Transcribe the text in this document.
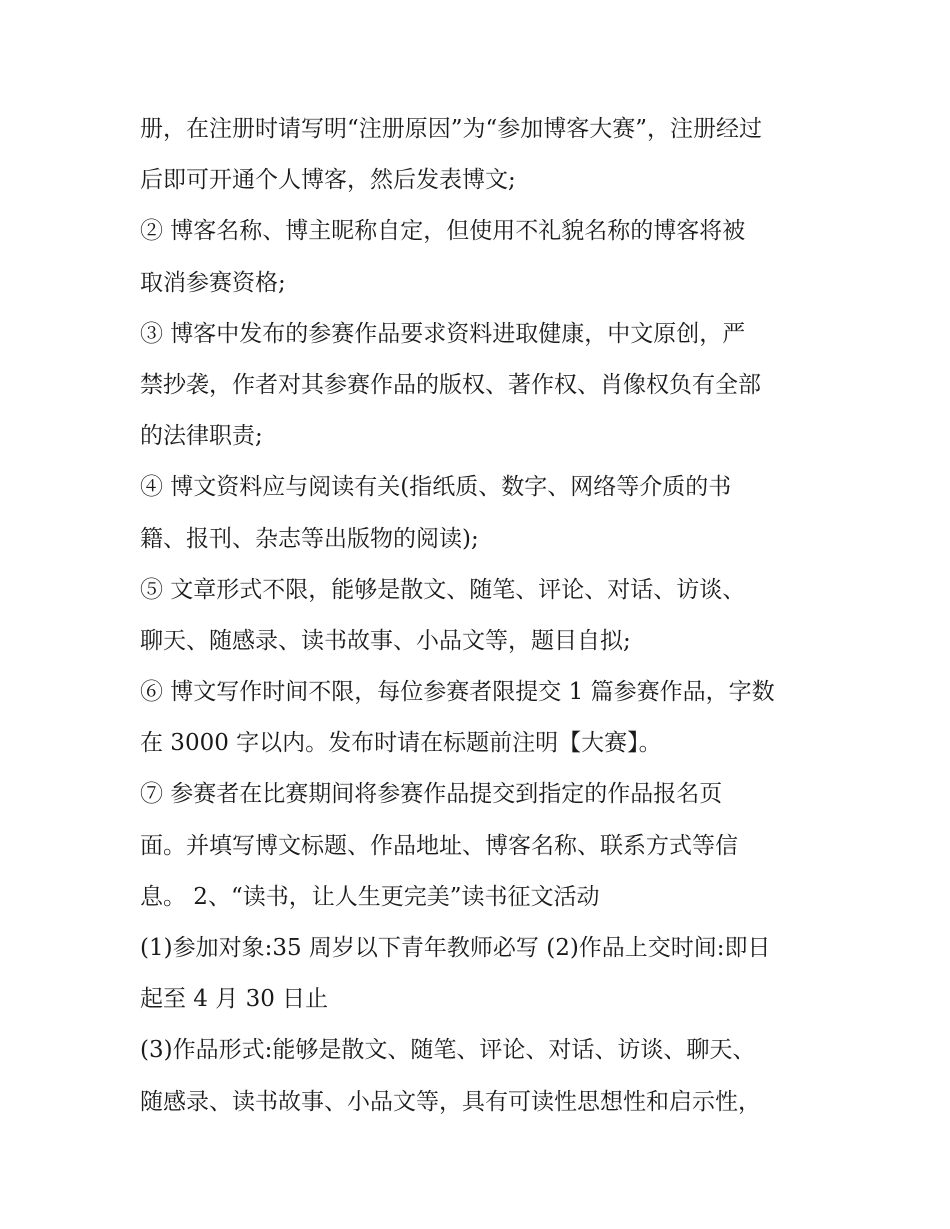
册，在注册时请写明“注册原因”为“参加博客大赛”，注册经过
后即可开通个人博客，然后发表博文;
② 博客名称、博主昵称自定，但使用不礼貌名称的博客将被
取消参赛资格;
③ 博客中发布的参赛作品要求资料进取健康，中文原创，严
禁抄袭，作者对其参赛作品的版权、著作权、肖像权负有全部
的法律职责;
④ 博文资料应与阅读有关(指纸质、数字、网络等介质的书
籍、报刊、杂志等出版物的阅读);
⑤ 文章形式不限，能够是散文、随笔、评论、对话、访谈、
聊天、随感录、读书故事、小品文等，题目自拟;
⑥ 博文写作时间不限，每位参赛者限提交 1 篇参赛作品，字数
在 3000 字以内。发布时请在标题前注明【大赛】。
⑦ 参赛者在比赛期间将参赛作品提交到指定的作品报名页
面。并填写博文标题、作品地址、博客名称、联系方式等信
息。 2、“读书，让人生更完美”读书征文活动
(1)参加对象:35 周岁以下青年教师必写 (2)作品上交时间:即日
起至 4 月 30 日止
(3)作品形式:能够是散文、随笔、评论、对话、访谈、聊天、
随感录、读书故事、小品文等，具有可读性思想性和启示性，
